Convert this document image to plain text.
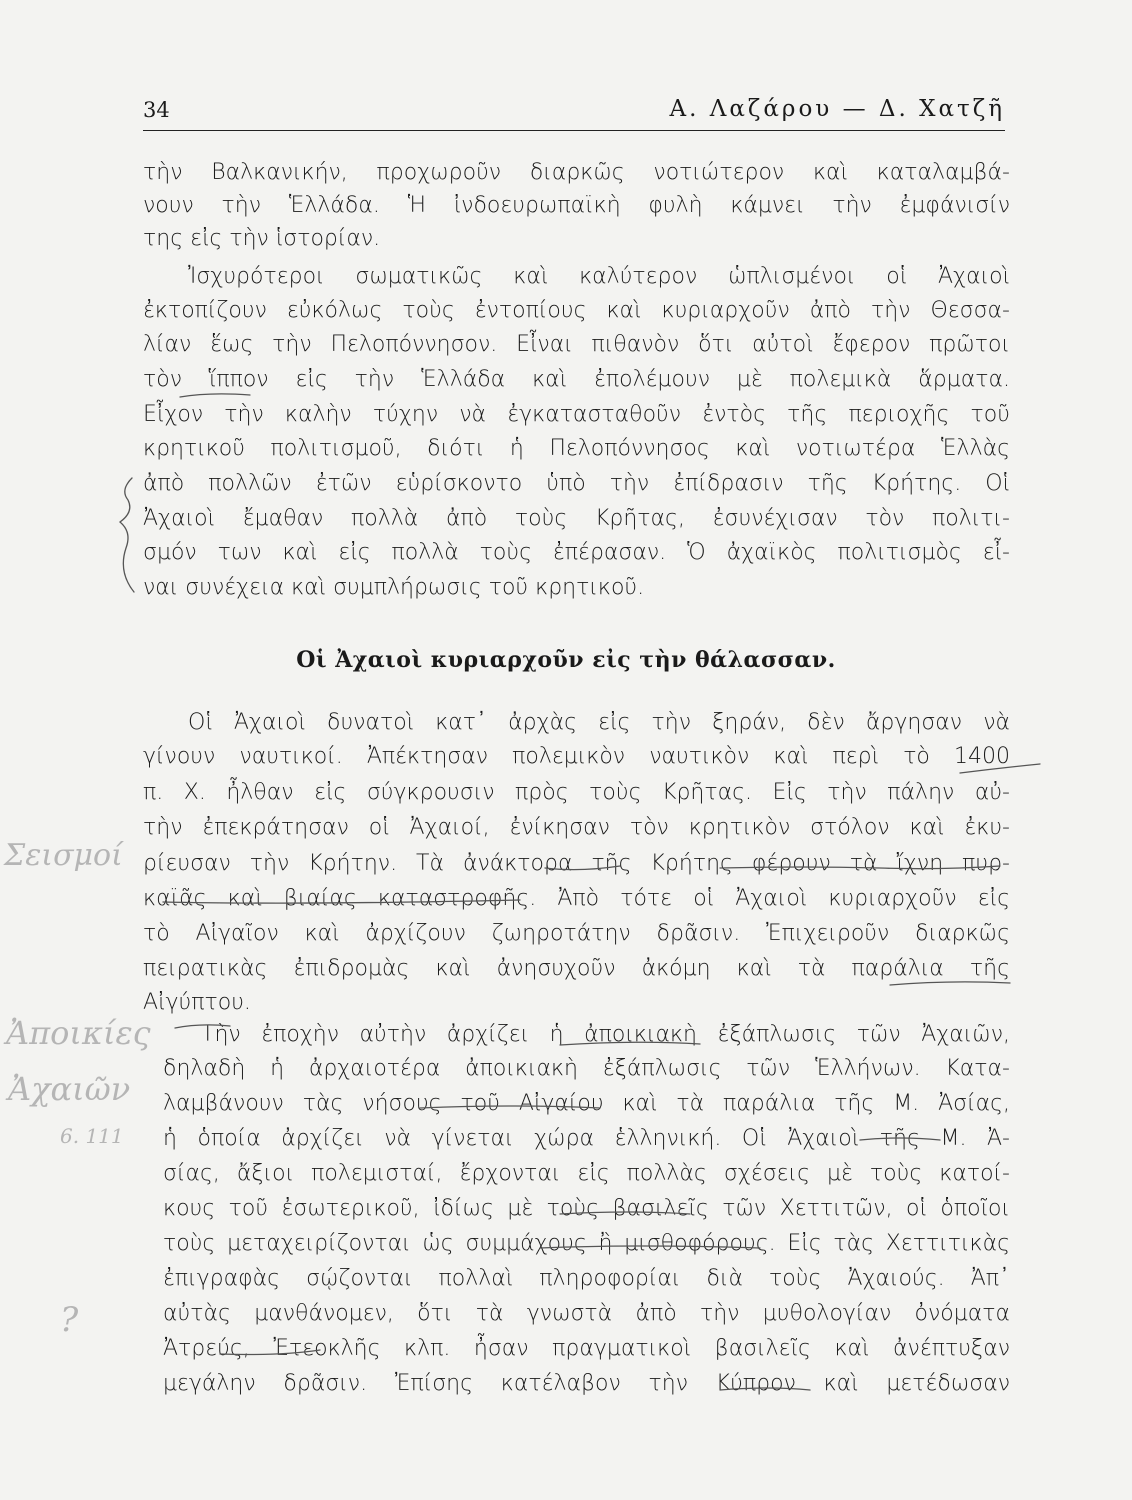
34	Α. Λαζάρου — Δ. Χατζῆ
τὴν Βαλκανικήν, προχωροῦν διαρκῶς νοτιώτερον καὶ καταλαμβά-
νουν τὴν Ἑλλάδα. Ἡ ἰνδοευρωπαϊκὴ φυλὴ κάμνει τὴν ἐμφάνισίν
της εἰς τὴν ἱστορίαν.
Ἰσχυρότεροι σωματικῶς καὶ καλύτερον ὡπλισμένοι οἱ Ἀχαιοὶ
ἐκτοπίζουν εὐκόλως τοὺς ἐντοπίους καὶ κυριαρχοῦν ἀπὸ τὴν Θεσσα-
λίαν ἕως τὴν Πελοπόννησον. Εἶναι πιθανὸν ὅτι αὐτοὶ ἔφερον πρῶτοι
τὸν ἵππον εἰς τὴν Ἑλλάδα καὶ ἐπολέμουν μὲ πολεμικὰ ἅρματα.
Εἶχον τὴν καλὴν τύχην νὰ ἐγκατασταθοῦν ἐντὸς τῆς περιοχῆς τοῦ
κρητικοῦ πολιτισμοῦ, διότι ἡ Πελοπόννησος καὶ νοτιωτέρα Ἑλλὰς
ἀπὸ πολλῶν ἐτῶν εὑρίσκοντο ὑπὸ τὴν ἐπίδρασιν τῆς Κρήτης. Οἱ
Ἀχαιοὶ ἔμαθαν πολλὰ ἀπὸ τοὺς Κρῆτας, ἐσυνέχισαν τὸν πολιτι-
σμόν των καὶ εἰς πολλὰ τοὺς ἐπέρασαν. Ὁ ἀχαϊκὸς πολιτισμὸς εἶ-
ναι συνέχεια καὶ συμπλήρωσις τοῦ κρητικοῦ.
Οἱ Ἀχαιοὶ κυριαρχοῦν εἰς τὴν θάλασσαν.
Οἱ Ἀχαιοὶ δυνατοὶ κατ᾽ ἀρχὰς εἰς τὴν ξηράν, δὲν ἄργησαν νὰ
γίνουν ναυτικοί. Ἀπέκτησαν πολεμικὸν ναυτικὸν καὶ περὶ τὸ 1400
π. Χ. ἦλθαν εἰς σύγκρουσιν πρὸς τοὺς Κρῆτας. Εἰς τὴν πάλην αὐ-
τὴν ἐπεκράτησαν οἱ Ἀχαιοί, ἐνίκησαν τὸν κρητικὸν στόλον καὶ ἐκυ-
ρίευσαν τὴν Κρήτην. Τὰ ἀνάκτορα τῆς Κρήτης φέρουν τὰ ἴχνη πυρ-
καϊᾶς καὶ βιαίας καταστροφῆς. Ἀπὸ τότε οἱ Ἀχαιοὶ κυριαρχοῦν εἰς
τὸ Αἰγαῖον καὶ ἀρχίζουν ζωηροτάτην δρᾶσιν. Ἐπιχειροῦν διαρκῶς
πειρατικὰς ἐπιδρομὰς καὶ ἀνησυχοῦν ἀκόμη καὶ τὰ παράλια τῆς
Αἰγύπτου.
Τὴν ἐποχὴν αὐτὴν ἀρχίζει ἡ ἀποικιακὴ ἐξάπλωσις τῶν Ἀχαιῶν,
δηλαδὴ ἡ ἀρχαιοτέρα ἀποικιακὴ ἐξάπλωσις τῶν Ἑλλήνων. Κατα-
λαμβάνουν τὰς νήσους τοῦ Αἰγαίου καὶ τὰ παράλια τῆς Μ. Ἀσίας,
ἡ ὁποία ἀρχίζει νὰ γίνεται χώρα ἑλληνική. Οἱ Ἀχαιοὶ τῆς Μ. Ἀ-
σίας, ἄξιοι πολεμισταί, ἔρχονται εἰς πολλὰς σχέσεις μὲ τοὺς κατοί-
κους τοῦ ἐσωτερικοῦ, ἰδίως μὲ τοὺς βασιλεῖς τῶν Χεττιτῶν, οἱ ὁποῖοι
τοὺς μεταχειρίζονται ὡς συμμάχους ἢ μισθοφόρους. Εἰς τὰς Χεττιτικὰς
ἐπιγραφὰς σῴζονται πολλαὶ πληροφορίαι διὰ τοὺς Ἀχαιούς. Ἀπ᾽
αὐτὰς μανθάνομεν, ὅτι τὰ γνωστὰ ἀπὸ τὴν μυθολογίαν ὀνόματα
Ἀτρεύς, Ἐτεοκλῆς κλπ. ἦσαν πραγματικοὶ βασιλεῖς καὶ ἀνέπτυξαν
μεγάλην δρᾶσιν. Ἐπίσης κατέλαβον τὴν Κύπρον καὶ μετέδωσαν
Σεισμοί
Ἀποικίες
Ἀχαιῶν
6. 111
?
